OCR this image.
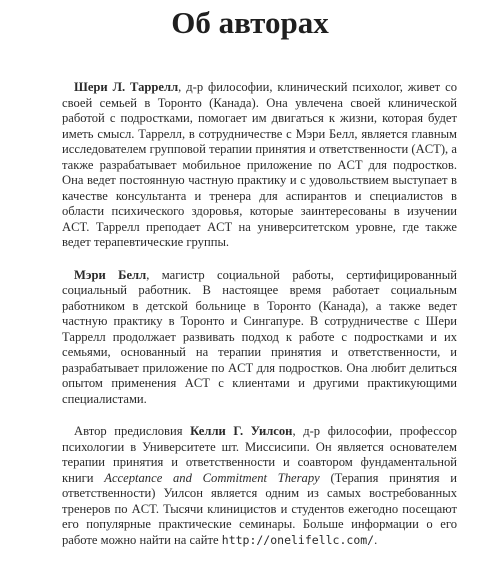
Об авторах

Шери Л. Таррелл, д-р философии, клинический психолог, живет со своей семьей в Торонто (Канада). Она увлечена своей клинической работой с подростками, помогает им двигаться к жизни, которая будет иметь смысл. Таррелл, в сотрудничестве с Мэри Белл, является главным исследователем групповой терапии принятия и ответственности (ACT), а также разрабатывает мобильное приложение по ACT для подростков. Она ведет постоянную частную практику и с удовольствием выступает в качестве консультанта и тренера для аспирантов и специалистов в области психического здоровья, которые заинтересованы в изучении ACT. Таррелл преподает ACT на университетском уровне, где также ведет терапевтические группы.

Мэри Белл, магистр социальной работы, сертифицированный социальный работник. В настоящее время работает социальным работником в детской больнице в Торонто (Канада), а также ведет частную практику в Торонто и Сингапуре. В сотрудничестве с Шери Таррелл продолжает развивать подход к работе с подростками и их семьями, основанный на терапии принятия и ответственности, и разрабатывает приложение по ACT для подростков. Она любит делиться опытом применения ACT с клиентами и другими практикующими специалистами.

Автор предисловия Келли Г. Уилсон, д-р философии, профессор психологии в Университете шт. Миссисипи. Он является основателем терапии принятия и ответственности и соавтором фундаментальной книги Acceptance and Commitment Therapy (Терапия принятия и ответственности) Уилсон является одним из самых востребованных тренеров по ACT. Тысячи клиницистов и студентов ежегодно посещают его популярные практические семинары. Больше информации о его работе можно найти на сайте http://onelifellc.com/.
